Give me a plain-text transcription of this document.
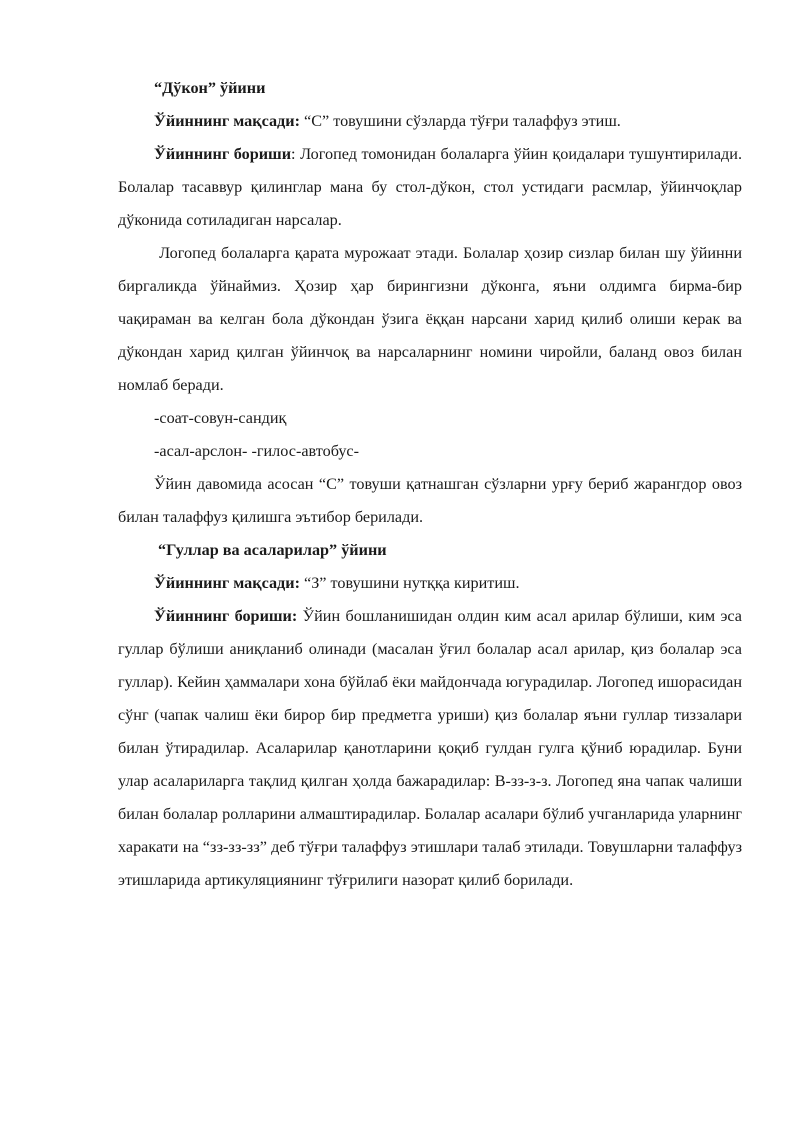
“Дўкон” ўйини

Ўйиннинг мақсади: “С” товушини сўзларда тўғри талаффуз этиш.

Ўйиннинг бориши: Логопед томонидан болаларга ўйин қоидалари тушунтирилади. Болалар тасаввур қилинглар мана бу стол-дўкон, стол устидаги расмлар, ўйинчоқлар дўконида сотиладиган нарсалар.

Логопед болаларга қарата мурожаат этади. Болалар ҳозир сизлар билан шу ўйинни биргаликда ўйнаймиз. Ҳозир ҳар бирингизни дўконга, яъни олдимга бирма-бир чақираман ва келган бола дўкондан ўзига ёққан нарсани харид қилиб олиши керак ва дўкондан харид қилган ўйинчоқ ва нарсаларнинг номини чиройли, баланд овоз билан номлаб беради.

-соат-совун-сандиқ

-асал-арслон- -гилос-автобус-

Ўйин давомида асосан “С” товуши қатнашган сўзларни урғу бериб жарангдор овоз билан талаффуз қилишга эътибор берилади.

“Гуллар ва асаларилар” ўйини

Ўйиннинг мақсади: “З” товушини нутққа киритиш.

Ўйиннинг бориши: Ўйин бошланишидан олдин ким асал арилар бўлиши, ким эса гуллар бўлиши аниқланиб олинади (масалан ўғил болалар асал арилар, қиз болалар эса гуллар). Кейин ҳаммалари хона бўйлаб ёки майдончада югурадилар. Логопед ишорасидан сўнг (чапак чалиш ёки бирор бир предметга уриши) қиз болалар яъни гуллар тиззалари билан ўтирадилар. Асаларилар қанотларини қоқиб гулдан гулга қўниб юрадилар. Буни улар асалариларга тақлид қилган ҳолда бажарадилар: В-зз-з-з. Логопед яна чапак чалиши билан болалар ролларини алмаштирадилар. Болалар асалари бўлиб учганларида уларнинг харакати на “зз-зз-зз” деб тўғри талаффуз этишлари талаб этилади. Товушларни талаффуз этишларида артикуляциянинг тўғрилиги назорат қилиб борилади.
